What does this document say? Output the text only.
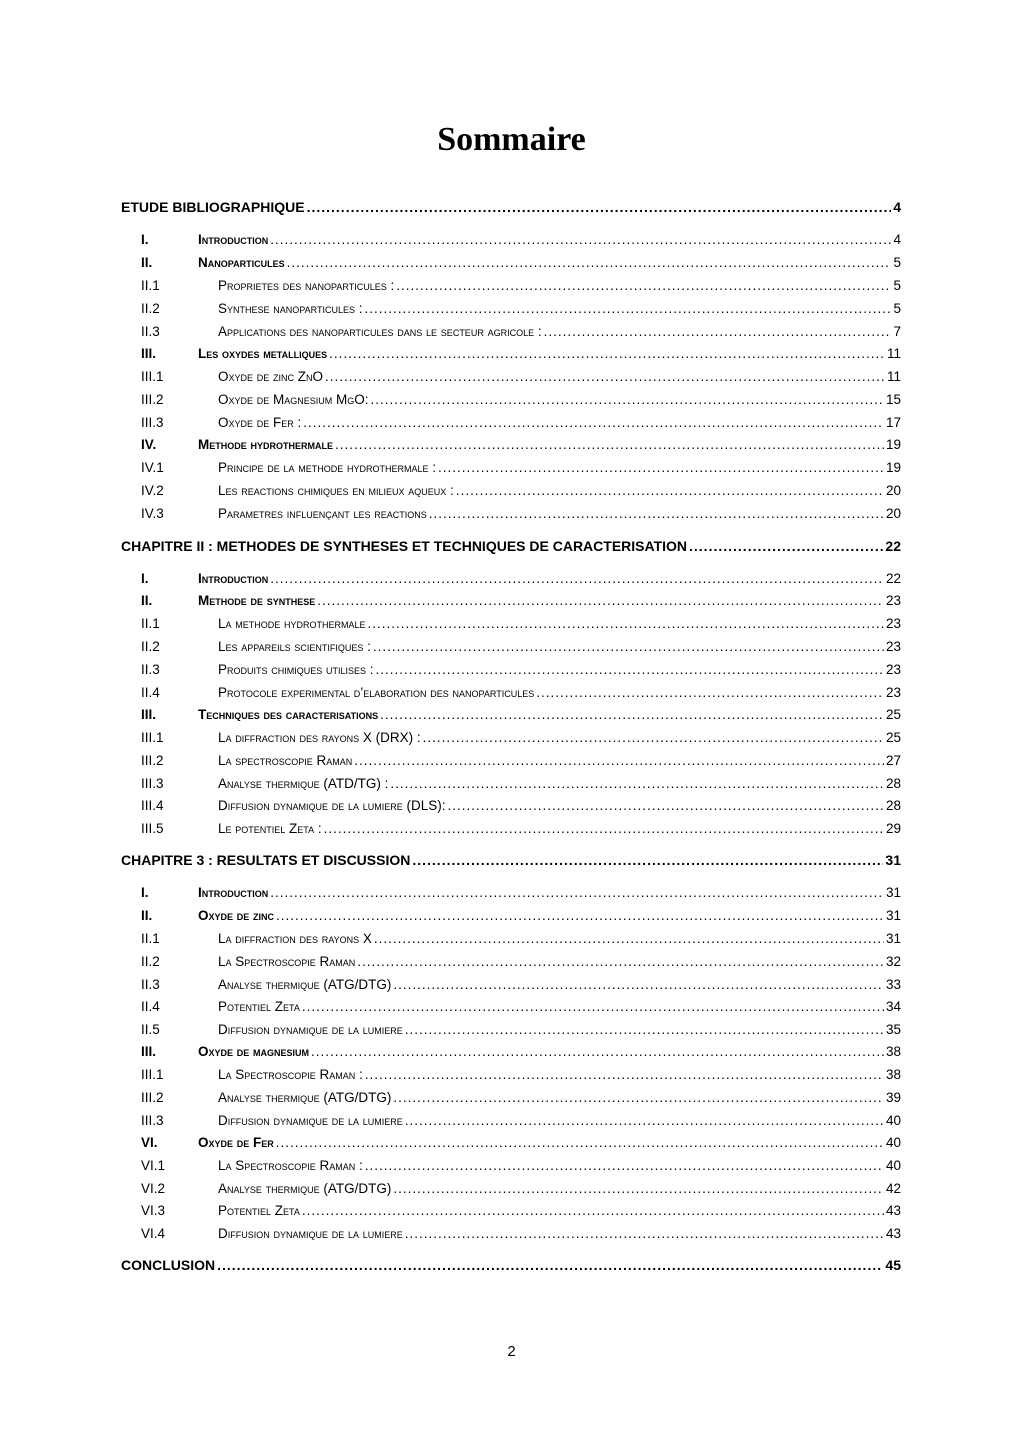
Sommaire
ETUDE BIBLIOGRAPHIQUE .....	4
I.	Introduction .....	4
II.	Nanoparticules .....	5
II.1	Proprietes des nanoparticules : .....	5
II.2	Synthese nanoparticules : .....	5
II.3	Applications des nanoparticules dans le secteur agricole : .....	7
III.	Les oxydes metalliques .....	11
III.1	Oxyde de zinc ZnO .....	11
III.2	Oxyde de Magnesium MgO: .....	15
III.3	Oxyde de Fer : .....	17
IV.	Methode hydrothermale .....	19
IV.1	Principe de la methode hydrothermale : .....	19
IV.2	Les reactions chimiques en milieux aqueux : .....	20
IV.3	Parametres influençant les reactions .....	20
CHAPITRE II : METHODES DE SYNTHESES ET TECHNIQUES DE CARACTERISATION .....	22
I.	Introduction .....	22
II.	Methode de synthese .....	23
II.1	La methode hydrothermale .....	23
II.2	Les appareils scientifiques : .....	23
II.3	Produits chimiques utilises : .....	23
II.4	Protocole experimental d’elaboration des nanoparticules .....	23
III.	Techniques des caracterisations .....	25
III.1	La diffraction des rayons X (DRX) : .....	25
III.2	La spectroscopie Raman .....	27
III.3	Analyse thermique (ATD/TG) : .....	28
III.4	Diffusion dynamique de la lumiere (DLS): .....	28
III.5	Le potentiel Zeta : .....	29
CHAPITRE 3 : RESULTATS ET DISCUSSION .....	31
I.	Introduction .....	31
II.	Oxyde de zinc .....	31
II.1	La diffraction des rayons X .....	31
II.2	La Spectroscopie Raman .....	32
II.3	Analyse thermique (ATG/DTG) .....	33
II.4	Potentiel Zeta .....	34
II.5	Diffusion dynamique de la lumiere .....	35
III.	Oxyde de magnesium .....	38
III.1	La Spectroscopie Raman : .....	38
III.2	Analyse thermique (ATG/DTG) .....	39
III.3	Diffusion dynamique de la lumiere .....	40
VI.	Oxyde de Fer .....	40
VI.1	La Spectroscopie Raman : .....	40
VI.2	Analyse thermique (ATG/DTG) .....	42
VI.3	Potentiel Zeta .....	43
VI.4	Diffusion dynamique de la lumiere .....	43
CONCLUSION .....	45
2
